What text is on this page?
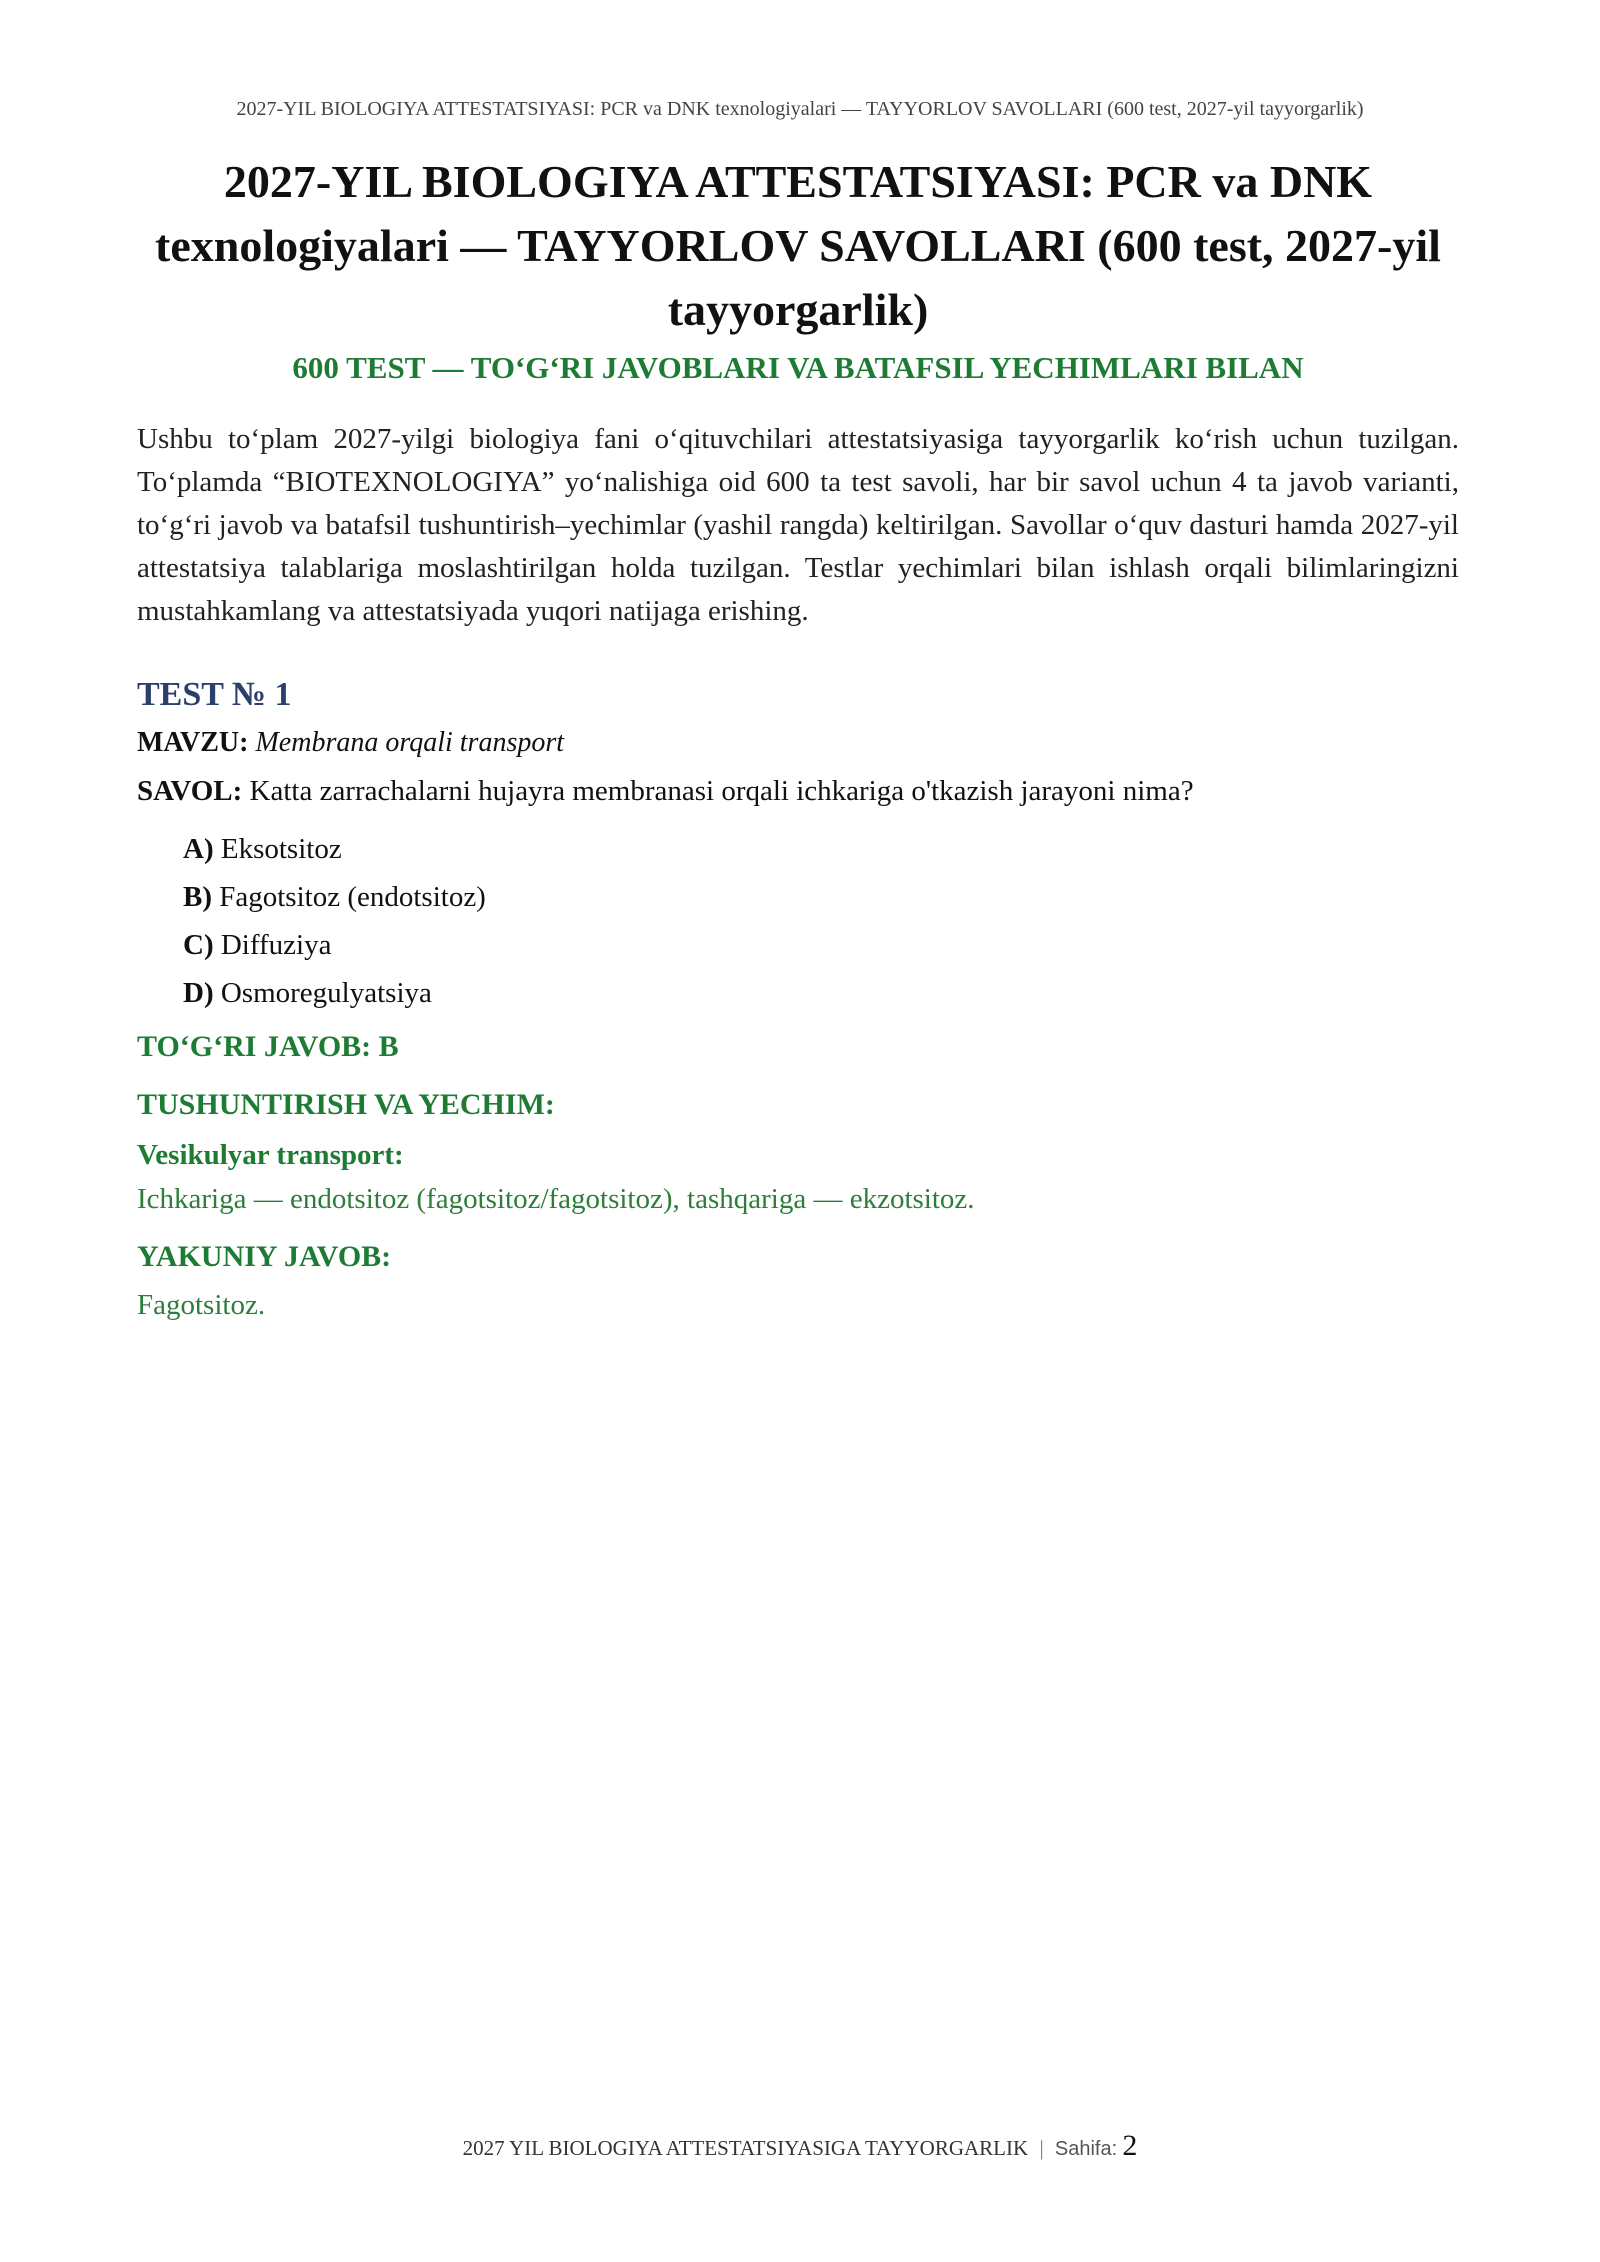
2027-YIL BIOLOGIYA ATTESTATSIYASI: PCR va DNK texnologiyalari — TAYYORLOV SAVOLLARI (600 test, 2027-yil tayyorgarlik)
2027-YIL BIOLOGIYA ATTESTATSIYASI: PCR va DNK texnologiyalari — TAYYORLOV SAVOLLARI (600 test, 2027-yil tayyorgarlik)
600 TEST — TO‘G‘RI JAVOBLARI VA BATAFSIL YECHIMLARI BILAN

Ushbu to‘plam 2027-yilgi biologiya fani o‘qituvchilari attestatsiyasiga tayyorgarlik ko‘rish uchun tuzilgan. To‘plamda “BIOTEXNOLOGIYA” yo‘nalishiga oid 600 ta test savoli, har bir savol uchun 4 ta javob varianti, to‘g‘ri javob va batafsil tushuntirish–yechimlar (yashil rangda) keltirilgan. Savollar o‘quv dasturi hamda 2027-yil attestatsiya talablariga moslashtirilgan holda tuzilgan. Testlar yechimlari bilan ishlash orqali bilimlaringizni mustahkamlang va attestatsiyada yuqori natijaga erishing.

TEST № 1
MAVZU: Membrana orqali transport
SAVOL: Katta zarrachalarni hujayra membranasi orqali ichkariga o'tkazish jarayoni nima?
A) Eksotsitoz
B) Fagotsitoz (endotsitoz)
C) Diffuziya
D) Osmoregulyatsiya
TO‘G‘RI JAVOB: B
TUSHUNTIRISH VA YECHIM:
Vesikulyar transport:
Ichkariga — endotsitoz (fagotsitoz/fagotsitoz), tashqariga — ekzotsitoz.
YAKUNIY JAVOB:
Fagotsitoz.
2027 YIL BIOLOGIYA ATTESTATSIYASIGA TAYYORGARLIK | Sahifa: 2
